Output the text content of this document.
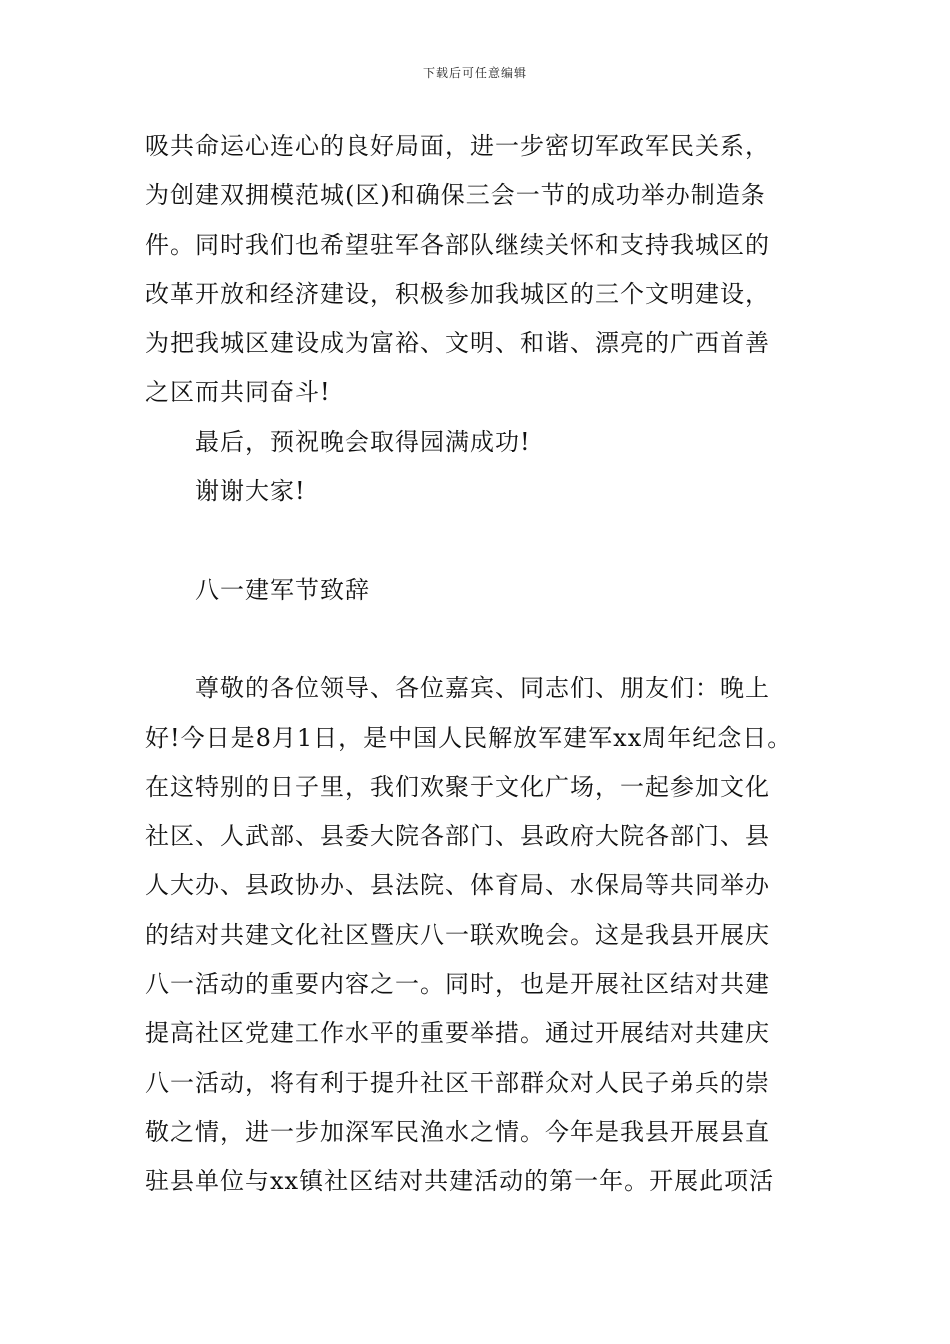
下载后可任意编辑
吸共命运心连心的良好局面，进一步密切军政军民关系，
为创建双拥模范城(区)和确保三会一节的成功举办制造条
件。同时我们也希望驻军各部队继续关怀和支持我城区的
改革开放和经济建设，积极参加我城区的三个文明建设，
为把我城区建设成为富裕、文明、和谐、漂亮的广西首善
之区而共同奋斗!
最后，预祝晚会取得园满成功!
谢谢大家!
八一建军节致辞
尊敬的各位领导、各位嘉宾、同志们、朋友们：晚上
好!今日是8月1日，是中国人民解放军建军xx周年纪念日。
在这特别的日子里，我们欢聚于文化广场，一起参加文化
社区、人武部、县委大院各部门、县政府大院各部门、县
人大办、县政协办、县法院、体育局、水保局等共同举办
的结对共建文化社区暨庆八一联欢晚会。这是我县开展庆
八一活动的重要内容之一。同时，也是开展社区结对共建
提高社区党建工作水平的重要举措。通过开展结对共建庆
八一活动，将有利于提升社区干部群众对人民子弟兵的崇
敬之情，进一步加深军民渔水之情。今年是我县开展县直
驻县单位与xx镇社区结对共建活动的第一年。开展此项活
